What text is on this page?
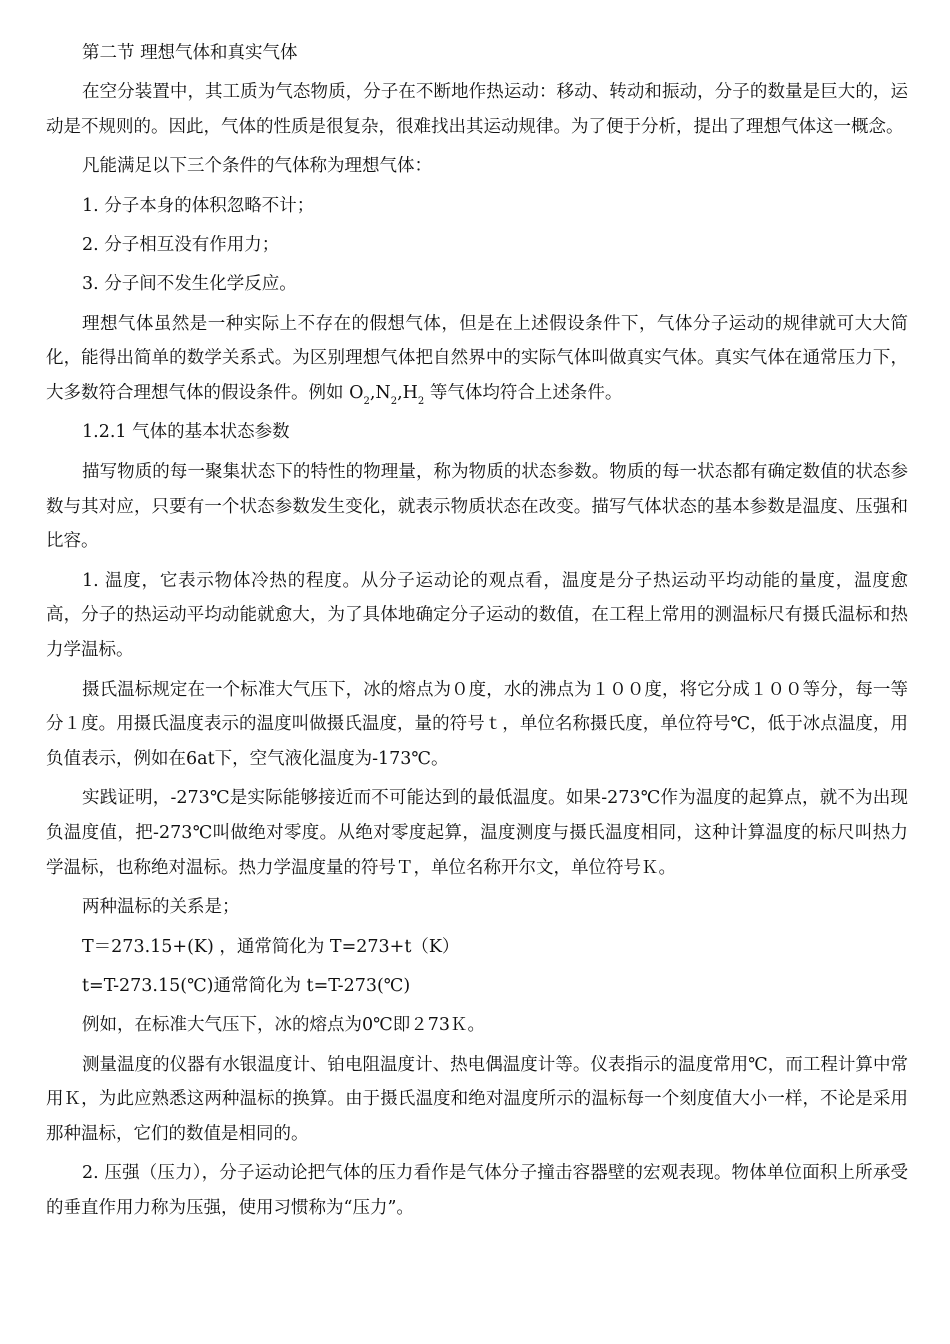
第二节 理想气体和真实气体

在空分装置中，其工质为气态物质，分子在不断地作热运动：移动、转动和振动，分子的数量是巨大的，运动是不规则的。因此，气体的性质是很复杂，很难找出其运动规律。为了便于分析，提出了理想气体这一概念。

凡能满足以下三个条件的气体称为理想气体：

1. 分子本身的体积忽略不计；

2. 分子相互没有作用力；

3. 分子间不发生化学反应。

理想气体虽然是一种实际上不存在的假想气体，但是在上述假设条件下，气体分子运动的规律就可大大简化，能得出简单的数学关系式。为区别理想气体把自然界中的实际气体叫做真实气体。真实气体在通常压力下，大多数符合理想气体的假设条件。例如 $O_2,N_2,H_2$ 等气体均符合上述条件。

1.2.1 气体的基本状态参数

描写物质的每一聚集状态下的特性的物理量，称为物质的状态参数。物质的每一状态都有确定数值的状态参数与其对应，只要有一个状态参数发生变化，就表示物质状态在改变。描写气体状态的基本参数是温度、压强和比容。

1. 温度，它表示物体冷热的程度。从分子运动论的观点看，温度是分子热运动平均动能的量度，温度愈高，分子的热运动平均动能就愈大，为了具体地确定分子运动的数值，在工程上常用的测温标尺有摄氏温标和热力学温标。

摄氏温标规定在一个标准大气压下，冰的熔点为０度，水的沸点为１００度，将它分成１００等分，每一等分１度。用摄氏温度表示的温度叫做摄氏温度，量的符号ｔ，单位名称摄氏度，单位符号℃，低于冰点温度，用负值表示，例如在6at下，空气液化温度为-173℃。

实践证明，-273℃是实际能够接近而不可能达到的最低温度。如果-273℃作为温度的起算点，就不为出现负温度值，把-273℃叫做绝对零度。从绝对零度起算，温度测度与摄氏温度相同，这种计算温度的标尺叫热力学温标，也称绝对温标。热力学温度量的符号Ｔ，单位名称开尔文，单位符号Ｋ。

两种温标的关系是；

T＝273.15+(K) ，通常简化为 T=273+t（K）

t=T-273.15(℃)通常简化为 t=T-273(℃)

例如，在标准大气压下，冰的熔点为0℃即２73Ｋ。

测量温度的仪器有水银温度计、铂电阻温度计、热电偶温度计等。仪表指示的温度常用℃，而工程计算中常用Ｋ，为此应熟悉这两种温标的换算。由于摄氏温度和绝对温度所示的温标每一个刻度值大小一样，不论是采用那种温标，它们的数值是相同的。

2. 压强（压力），分子运动论把气体的压力看作是气体分子撞击容器壁的宏观表现。物体单位面积上所承受的垂直作用力称为压强，使用习惯称为“压力”。
